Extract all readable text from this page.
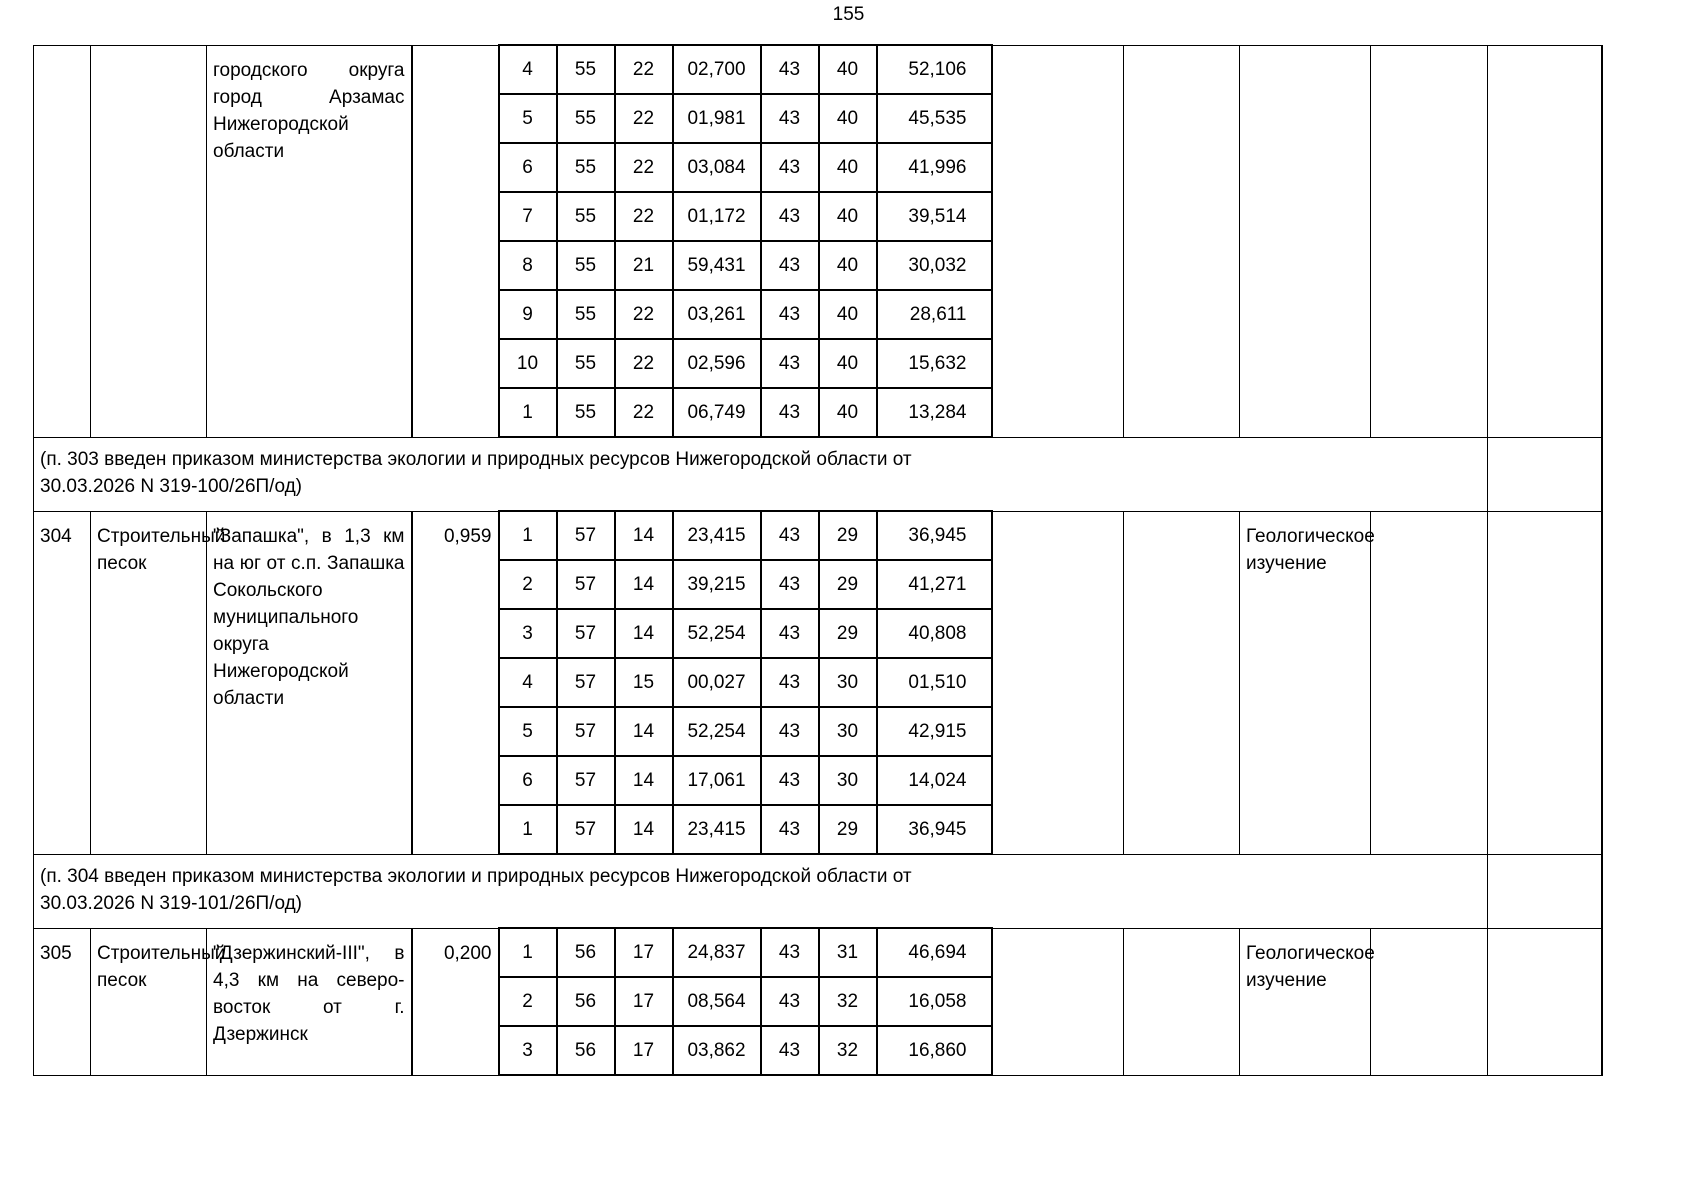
155
		городского округа город Арзамас Нижегородской области		4	55	22	02,700	43	40	52,106						
				5	55	22	01,981	43	40	45,535						
				6	55	22	03,084	43	40	41,996						
				7	55	22	01,172	43	40	39,514						
				8	55	21	59,431	43	40	30,032						
				9	55	22	03,261	43	40	28,611						
				10	55	22	02,596	43	40	15,632						
				1	55	22	06,749	43	40	13,284						

(п. 303 введен приказом министерства экологии и природных ресурсов Нижегородской области от 30.03.2026 N 319-100/26П/од)																

304	Строительный песок	"Запашка", в 1,3 км на юг от с.п. Запашка Сокольского муниципального округа Нижегородской области	0,959	1	57	14	23,415	43	29	36,945			Геологическое изучение			
				2	57	14	39,215	43	29	41,271						
				3	57	14	52,254	43	29	40,808						
				4	57	15	00,027	43	30	01,510						
				5	57	14	52,254	43	30	42,915						
				6	57	14	17,061	43	30	14,024						
				1	57	14	23,415	43	29	36,945						

(п. 304 введен приказом министерства экологии и природных ресурсов Нижегородской области от 30.03.2026 N 319-101/26П/од)																

305	Строительный песок	"Дзержинский-III", в 4,3 км на северо-восток от г. Дзержинск	0,200	1	56	17	24,837	43	31	46,694			Геологическое изучение			
				2	56	17	08,564	43	32	16,058						
				3	56	17	03,862	43	32	16,860						
